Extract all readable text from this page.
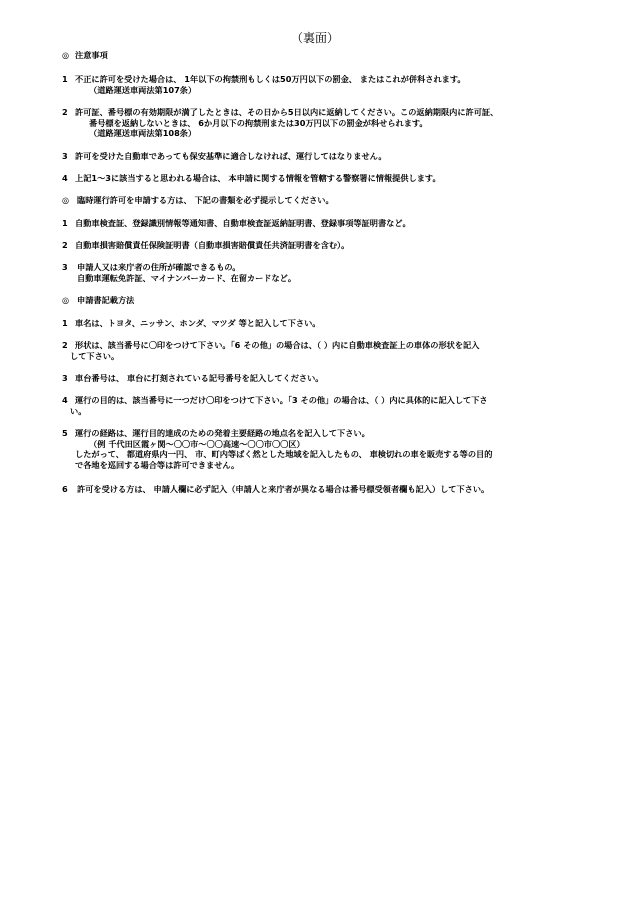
（裏面）
◎ 注意事項
1 不正に許可を受けた場合は、 1年以下の拘禁刑もしくは50万円以下の罰金、 またはこれが併科されます。
（道路運送車両法第107条）
2 許可証、番号標の有効期限が満了したときは、その日から5日以内に返納してください。この返納期限内に許可証、
番号標を返納しないときは、 6か月以下の拘禁刑または30万円以下の罰金が科せられます。
（道路運送車両法第108条）
3 許可を受けた自動車であっても保安基準に適合しなければ、運行してはなりません。
4 上記1～3に該当すると思われる場合は、 本申請に関する情報を管轄する警察署に情報提供します。
◎ 臨時運行許可を申請する方は、 下記の書類を必ず提示してください。
1 自動車検査証、登録識別情報等通知書、自動車検査証返納証明書、登録事項等証明書など。
2 自動車損害賠償責任保険証明書（自動車損害賠償責任共済証明書を含む）。
3	申請人又は来庁者の住所が確認できるもの。
自動車運転免許証、マイナンバーカード、在留カードなど。
◎ 申請書記載方法
1 車名は、トヨタ、ニッサン、ホンダ、マツダ 等と記入して下さい。
2 形状は、該当番号に〇印をつけて下さい。「6 その他」の場合は、（ ）内に自動車検査証上の車体の形状を記入
して下さい。
3 車台番号は、 車台に打刻されている記号番号を記入してください。
4 運行の目的は、該当番号に一つだけ〇印をつけて下さい。「3 その他」の場合は、（ ）内に具体的に記入して下さ
い。
5 運行の経路は、運行目的達成のための発着主要経路の地点名を記入して下さい。
（例 千代田区霞ヶ関～〇〇市～〇〇高速～〇〇市〇〇区）
したがって、 都道府県内一円、 市、町内等ばく然とした地域を記入したもの、 車検切れの車を販売する等の目的
で各地を巡回する場合等は許可できません。
6	許可を受ける方は、 申請人欄に必ず記入（申請人と来庁者が異なる場合は番号標受領者欄も記入）して下さい。
